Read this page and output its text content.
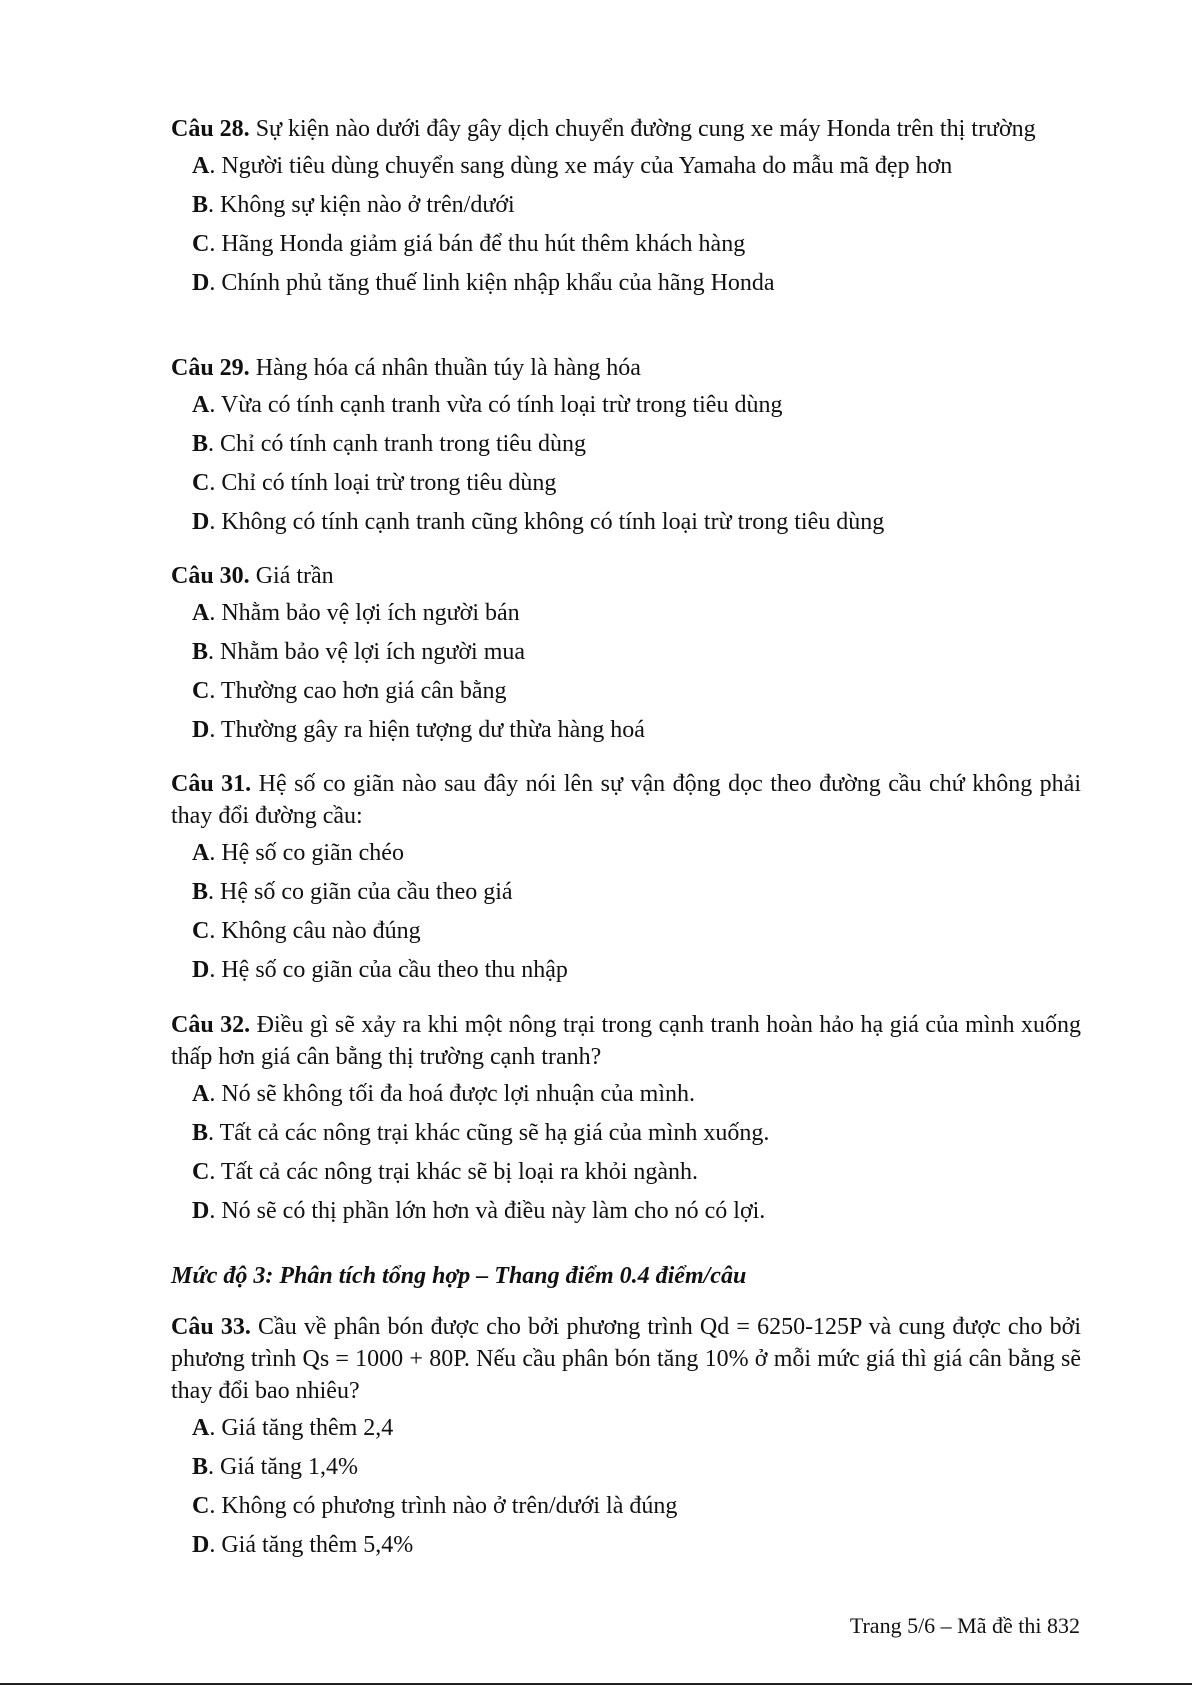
Câu 28. Sự kiện nào dưới đây gây dịch chuyển đường cung xe máy Honda trên thị trường

A. Người tiêu dùng chuyển sang dùng xe máy của Yamaha do mẫu mã đẹp hơn
B. Không sự kiện nào ở trên/dưới
C. Hãng Honda giảm giá bán để thu hút thêm khách hàng
D. Chính phủ tăng thuế linh kiện nhập khẩu của hãng Honda

Câu 29. Hàng hóa cá nhân thuần túy là hàng hóa

A. Vừa có tính cạnh tranh vừa có tính loại trừ trong tiêu dùng
B. Chỉ có tính cạnh tranh trong tiêu dùng
C. Chỉ có tính loại trừ trong tiêu dùng
D. Không có tính cạnh tranh cũng không có tính loại trừ trong tiêu dùng

Câu 30. Giá trần

A. Nhằm bảo vệ lợi ích người bán
B. Nhằm bảo vệ lợi ích người mua
C. Thường cao hơn giá cân bằng
D. Thường gây ra hiện tượng dư thừa hàng hoá

Câu 31. Hệ số co giãn nào sau đây nói lên sự vận động dọc theo đường cầu chứ không phải thay đổi đường cầu:

A. Hệ số co giãn chéo
B. Hệ số co giãn của cầu theo giá
C. Không câu nào đúng
D. Hệ số co giãn của cầu theo thu nhập

Câu 32. Điều gì sẽ xảy ra khi một nông trại trong cạnh tranh hoàn hảo hạ giá của mình xuống thấp hơn giá cân bằng thị trường cạnh tranh?

A. Nó sẽ không tối đa hoá được lợi nhuận của mình.
B. Tất cả các nông trại khác cũng sẽ hạ giá của mình xuống.
C. Tất cả các nông trại khác sẽ bị loại ra khỏi ngành.
D. Nó sẽ có thị phần lớn hơn và điều này làm cho nó có lợi.

Mức độ 3: Phân tích tổng hợp – Thang điểm 0.4 điểm/câu

Câu 33. Cầu về phân bón được cho bởi phương trình Qd = 6250-125P và cung được cho bởi phương trình Qs = 1000 + 80P. Nếu cầu phân bón tăng 10% ở mỗi mức giá thì giá cân bằng sẽ thay đổi bao nhiêu?

A. Giá tăng thêm 2,4
B. Giá tăng 1,4%
C. Không có phương trình nào ở trên/dưới là đúng
D. Giá tăng thêm 5,4%
Trang 5/6 – Mã đề thi 832
